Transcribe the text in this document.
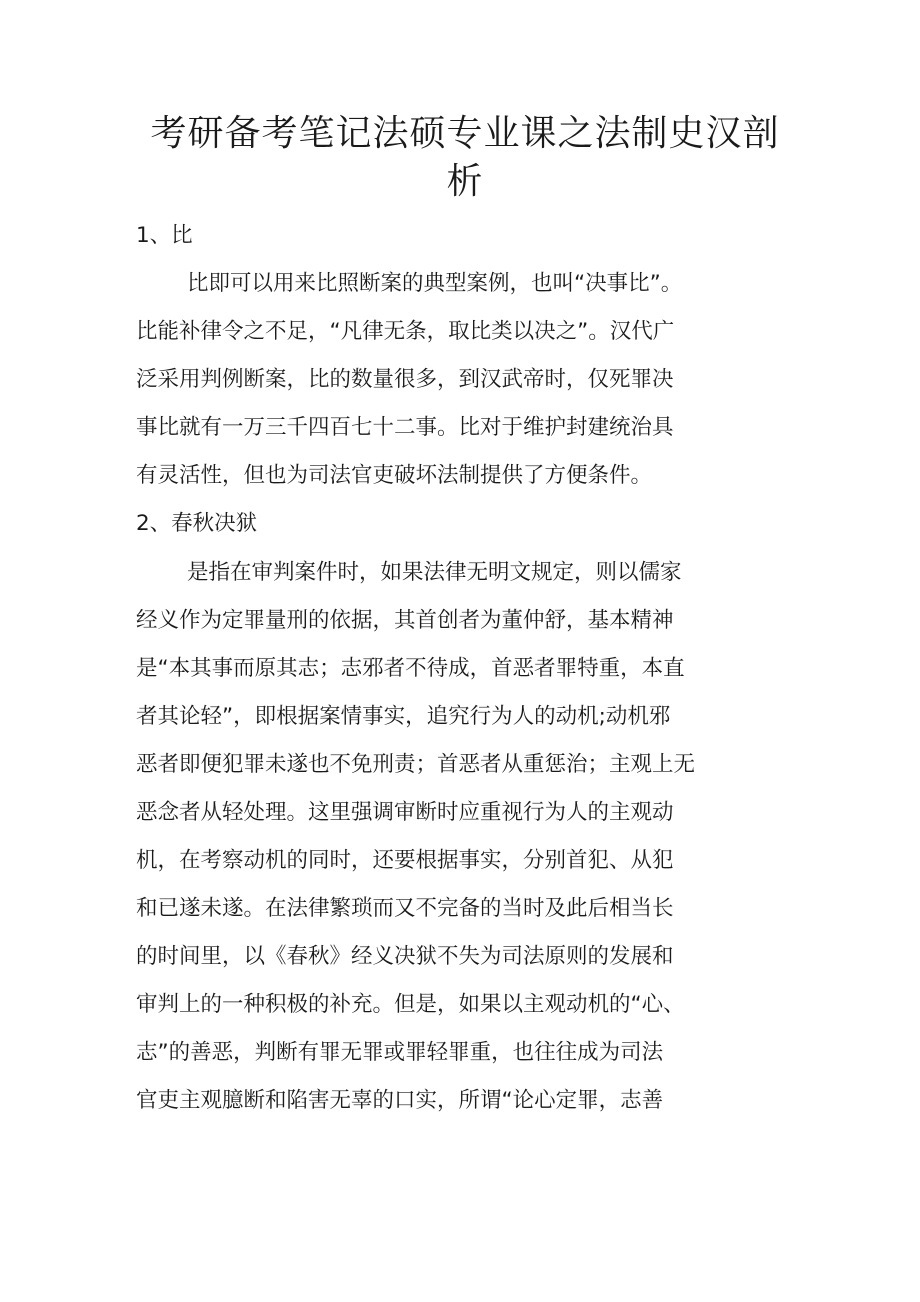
考研备考笔记法硕专业课之法制史汉剖
析
1、比
比即可以用来比照断案的典型案例，也叫“决事比”。
比能补律令之不足，“凡律无条，取比类以决之”。汉代广
泛采用判例断案，比的数量很多，到汉武帝时，仅死罪决
事比就有一万三千四百七十二事。比对于维护封建统治具
有灵活性，但也为司法官吏破坏法制提供了方便条件。
2、春秋决狱
是指在审判案件时，如果法律无明文规定，则以儒家
经义作为定罪量刑的依据，其首创者为董仲舒，基本精神
是“本其事而原其志；志邪者不待成，首恶者罪特重，本直
者其论轻”，即根据案情事实，追究行为人的动机;动机邪
恶者即便犯罪未遂也不免刑责；首恶者从重惩治；主观上无
恶念者从轻处理。这里强调审断时应重视行为人的主观动
机，在考察动机的同时，还要根据事实，分别首犯、从犯
和已遂未遂。在法律繁琐而又不完备的当时及此后相当长
的时间里，以《春秋》经义决狱不失为司法原则的发展和
审判上的一种积极的补充。但是，如果以主观动机的“心、
志”的善恶，判断有罪无罪或罪轻罪重，也往往成为司法
官吏主观臆断和陷害无辜的口实，所谓“论心定罪，志善
